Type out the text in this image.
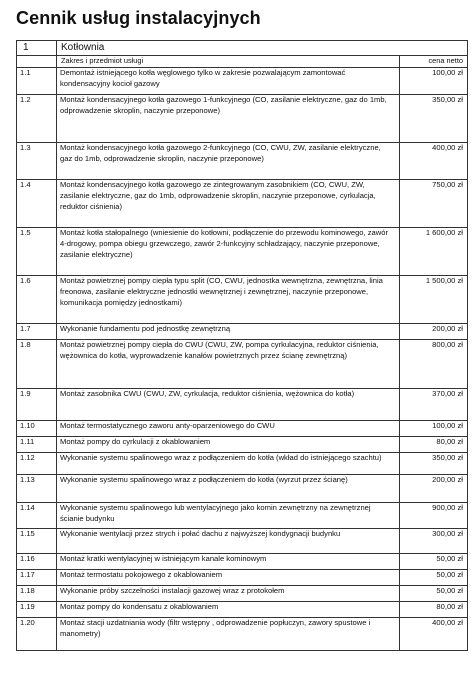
Cennik usług instalacyjnych
1	Kotłownia	
	Zakres i przedmiot usługi	cena netto
1.1	Demontaż istniejącego kotła węglowego tylko w zakresie pozwalającym zamontować kondensacyjny kocioł gazowy	100,00 zł
1.2	Montaż kondensacyjnego kotła gazowego 1-funkcyjnego (CO, zasilanie elektryczne, gaz do 1mb, odprowadzenie skroplin, naczynie przeponowe)	350,00 zł
1.3	Montaż kondensacyjnego kotła gazowego 2-funkcyjnego (CO, CWU, ZW, zasilanie elektryczne, gaz do 1mb, odprowadzenie skroplin, naczynie przeponowe)	400,00 zł
1.4	Montaż kondensacyjnego kotła gazowego ze zintegrowanym zasobnikiem (CO, CWU, ZW, zasilanie elektryczne, gaz do 1mb, odprowadzenie skroplin, naczynie przeponowe, cyrkulacja, reduktor ciśnienia)	750,00 zł
1.5	Montaż kotła stałopalnego (wniesienie do kotłowni, podłączenie do przewodu kominowego, zawór 4-drogowy, pompa obiegu grzewczego, zawór 2-funkcyjny schładzający, naczynie przeponowe, zasilanie elektryczne)	1 600,00 zł
1.6	Montaż powietrznej pompy ciepła typu split (CO, CWU, jednostka wewnętrzna, zewnętrzna, linia freonowa, zasilanie elektryczne jednostki wewnętrznej i zewnętrznej, naczynie przeponowe, komunikacja pomiędzy jednostkami)	1 500,00 zł
1.7	Wykonanie fundamentu pod jednostkę zewnętrzną	200,00 zł
1.8	Montaż powietrznej pompy ciepła do CWU (CWU, ZW, pompa cyrkulacyjna, reduktor ciśnienia, wężownica do kotła, wyprowadzenie kanałów powietrznych przez ścianę zewnętrzną)	800,00 zł
1.9	Montaż zasobnika CWU (CWU, ZW, cyrkulacja, reduktor ciśnienia, wężownica do kotła)	370,00 zł
1.10	Montaż termostatycznego zaworu anty-oparzeniowego do CWU	100,00 zł
1.11	Montaż pompy do cyrkulacji z okablowaniem	80,00 zł
1.12	Wykonanie systemu spalinowego wraz z podłączeniem do kotła (wkład do istniejącego szachtu)	350,00 zł
1.13	Wykonanie systemu spalinowego wraz z podłączeniem do kotła (wyrzut przez ścianę)	200,00 zł
1.14	Wykonanie systemu spalinowego lub wentylacyjnego jako komin zewnętrzny na zewnętrznej ścianie budynku	900,00 zł
1.15	Wykonanie wentylacji przez strych i połać dachu z najwyższej kondygnacji budynku	300,00 zł
1.16	Montaż kratki wentylacyjnej w istniejącym kanale kominowym	50,00 zł
1.17	Montaż termostatu pokojowego z okablowaniem	50,00 zł
1.18	Wykonanie próby szczelności instalacji gazowej wraz z protokołem	50,00 zł
1.19	Montaż pompy do kondensatu z okablowaniem	80,00 zł
1.20	Montaż stacji uzdatniania wody (filtr wstępny , odprowadzenie popłuczyn, zawory spustowe i manometry)	400,00 zł
